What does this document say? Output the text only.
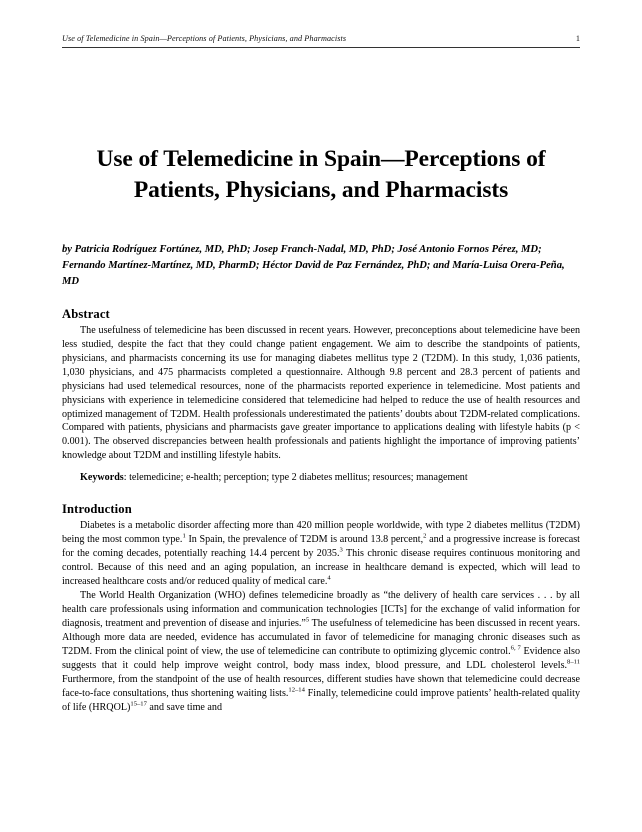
Use of Telemedicine in Spain—Perceptions of Patients, Physicians, and Pharmacists	1
Use of Telemedicine in Spain—Perceptions of Patients, Physicians, and Pharmacists
by Patricia Rodríguez Fortúnez, MD, PhD; Josep Franch-Nadal, MD, PhD; José Antonio Fornos Pérez, MD; Fernando Martínez-Martínez, MD, PharmD; Héctor David de Paz Fernández, PhD; and María-Luisa Orera-Peña, MD
Abstract

The usefulness of telemedicine has been discussed in recent years. However, preconceptions about telemedicine have been less studied, despite the fact that they could change patient engagement. We aim to describe the standpoints of patients, physicians, and pharmacists concerning its use for managing diabetes mellitus type 2 (T2DM). In this study, 1,036 patients, 1,030 physicians, and 475 pharmacists completed a questionnaire. Although 9.8 percent and 28.3 percent of patients and physicians had used telemedical resources, none of the pharmacists reported experience in telemedicine. Most patients and physicians with experience in telemedicine considered that telemedicine had helped to reduce the use of health resources and optimized management of T2DM. Health professionals underestimated the patients’ doubts about T2DM-related complications. Compared with patients, physicians and pharmacists gave greater importance to applications dealing with lifestyle habits (p < 0.001). The observed discrepancies between health professionals and patients highlight the importance of improving patients’ knowledge about T2DM and instilling lifestyle habits.

Keywords: telemedicine; e-health; perception; type 2 diabetes mellitus; resources; management

Introduction

Diabetes is a metabolic disorder affecting more than 420 million people worldwide, with type 2 diabetes mellitus (T2DM) being the most common type.$^1$ In Spain, the prevalence of T2DM is around 13.8 percent,$^2$ and a progressive increase is forecast for the coming decades, potentially reaching 14.4 percent by 2035.$^3$ This chronic disease requires continuous monitoring and control. Because of this need and an aging population, an increase in healthcare demand is expected, which will lead to increased healthcare costs and/or reduced quality of medical care.$^4$

The World Health Organization (WHO) defines telemedicine broadly as “the delivery of health care services . . . by all health care professionals using information and communication technologies [ICTs] for the exchange of valid information for diagnosis, treatment and prevention of disease and injuries.”$^5$ The usefulness of telemedicine has been discussed in recent years. Although more data are needed, evidence has accumulated in favor of telemedicine for managing chronic diseases such as T2DM. From the clinical point of view, the use of telemedicine can contribute to optimizing glycemic control.$^{6, 7}$ Evidence also suggests that it could help improve weight control, body mass index, blood pressure, and LDL cholesterol levels.$^{8-11}$ Furthermore, from the standpoint of the use of health resources, different studies have shown that telemedicine could decrease face-to-face consultations, thus shortening waiting lists.$^{12-14}$ Finally, telemedicine could improve patients’ health-related quality of life (HRQOL)$^{15-17}$ and save time and
